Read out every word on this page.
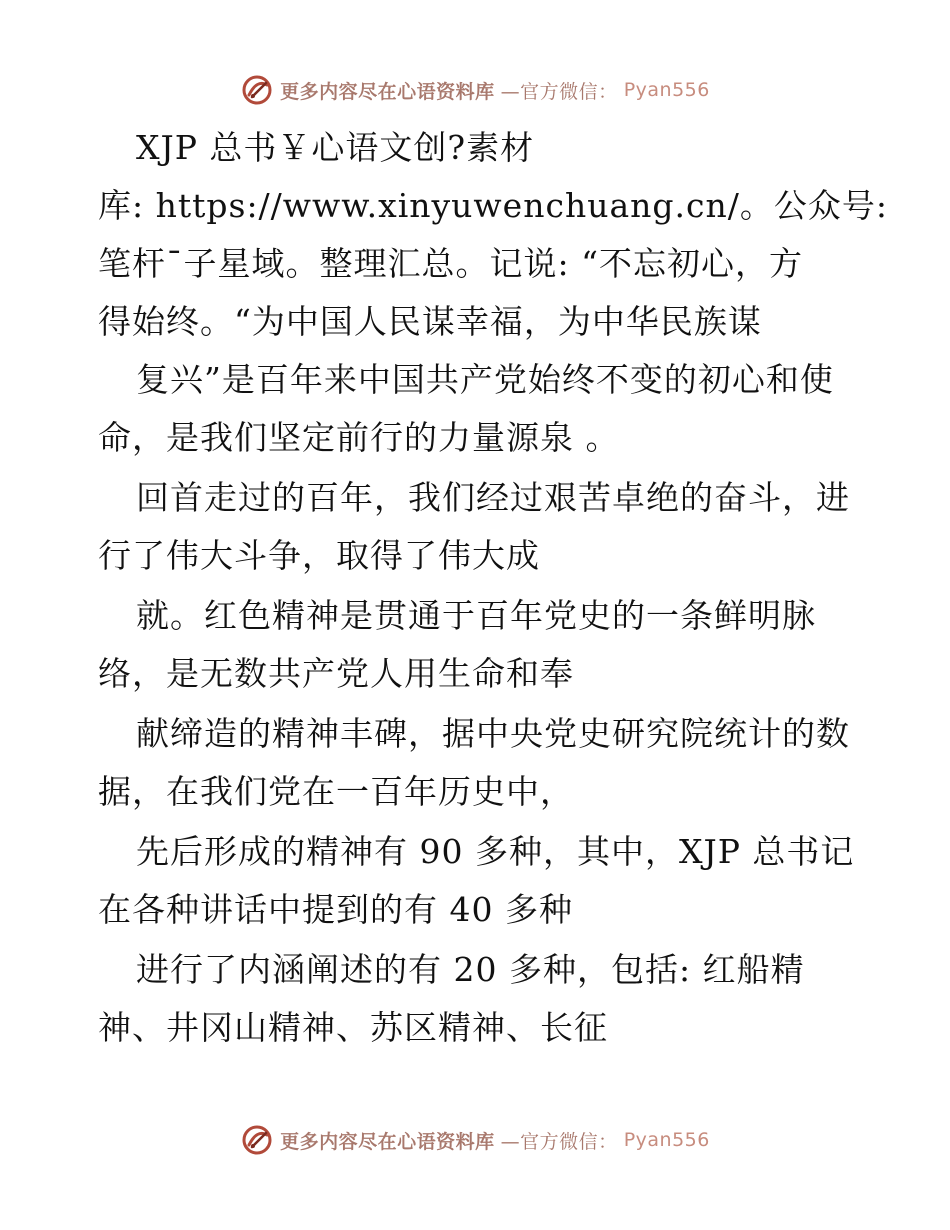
更多内容尽在心语资料库 —官方微信： Pyan556
XJP 总书￥心语文创?素材
库: https://www.xinyuwenchuang.cn/。公众号:
笔杆¯子星域。整理汇总。记说: “不忘初心，方
得始终。“为中国人民谋幸福，为中华民族谋
复兴”是百年来中国共产党始终不变的初心和使
命，是我们坚定前行的力量源泉 。
回首走过的百年，我们经过艰苦卓绝的奋斗，进
行了伟大斗争，取得了伟大成
就。红色精神是贯通于百年党史的一条鲜明脉
络，是无数共产党人用生命和奉
献缔造的精神丰碑，据中央党史研究院统计的数
据，在我们党在一百年历史中，
先后形成的精神有 90 多种，其中，XJP 总书记
在各种讲话中提到的有 40 多种
进行了内涵阐述的有 20 多种，包括: 红船精
神、井冈山精神、苏区精神、长征
更多内容尽在心语资料库 —官方微信： Pyan556
